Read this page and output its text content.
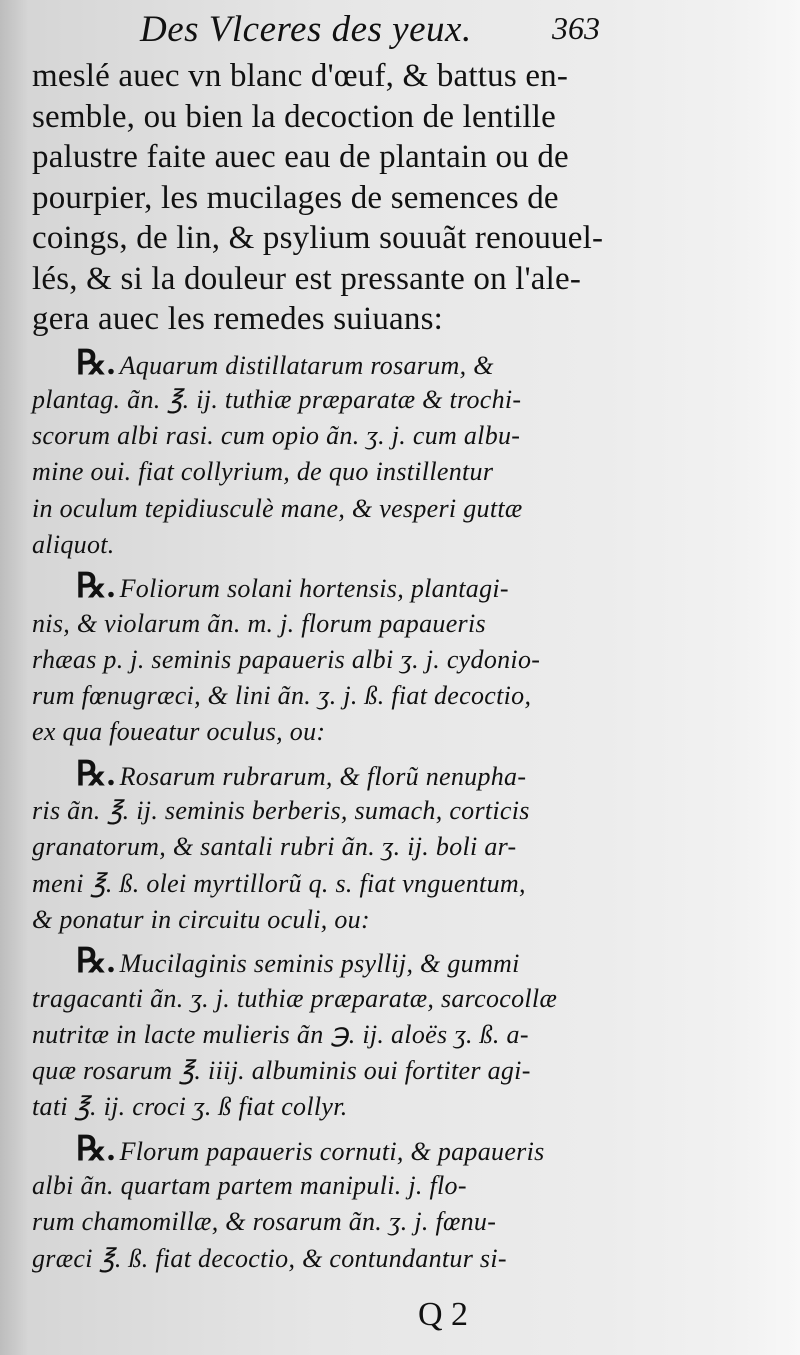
Des Vlceres des yeux.	363
meslé auec vn blanc d'œuf, & battus en-
semble, ou bien la decoction de lentille
palustre faite auec eau de plantain ou de
pourpier, les mucilages de semences de
coings, de lin, & psylium souuãt renouuel-
lés, & si la douleur est pressante on l'ale-
gera auec les remedes suiuans:
℞. Aquarum distillatarum rosarum, &
plantag. ãn. ℥. ij. tuthiæ præparatæ & trochi-
scorum albi rasi. cum opio ãn. ʒ. j. cum albu-
mine oui. fiat collyrium, de quo instillentur
in oculum tepidiusculè mane, & vesperi guttæ
aliquot.
℞. Foliorum solani hortensis, plantagi-
nis, & violarum ãn. m. j. florum papaueris
rhæas p. j. seminis papaueris albi ʒ. j. cydonio-
rum fœnugræci, & lini ãn. ʒ. j. ß. fiat decoctio,
ex qua foueatur oculus, ou:
℞. Rosarum rubrarum, & florũ nenupha-
ris ãn. ℥. ij. seminis berberis, sumach, corticis
granatorum, & santali rubri ãn. ʒ. ij. boli ar-
meni ℥. ß. olei myrtillorũ q. s. fiat vnguentum,
& ponatur in circuitu oculi, ou:
℞. Mucilaginis seminis psyllij, & gummi
tragacanti ãn. ʒ. j. tuthiæ præparatæ, sarcocollæ
nutritæ in lacte mulieris ãn ℈. ij. aloës ʒ. ß. a-
quæ rosarum ℥. iiij. albuminis oui fortiter agi-
tati ℥. ij. croci ʒ. ß fiat collyr.
℞. Florum papaueris cornuti, & papaueris
albi ãn. quartam partem manipuli. j. flo-
rum chamomillæ, & rosarum ãn. ʒ. j. fœnu-
græci ℥. ß. fiat decoctio, & contundantur si-
Q 2
